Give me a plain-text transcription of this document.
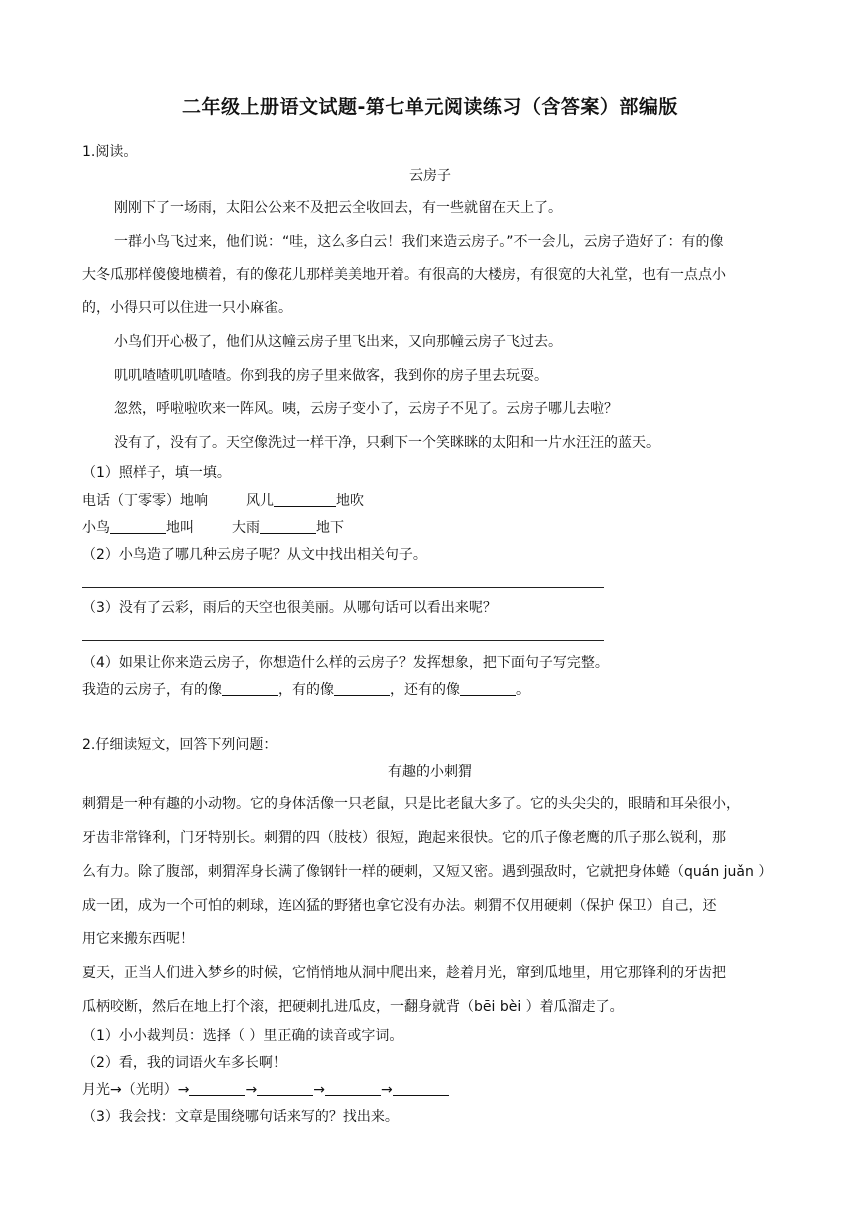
二年级上册语文试题-第七单元阅读练习（含答案）部编版
1.阅读。
云房子
刚刚下了一场雨，太阳公公来不及把云全收回去，有一些就留在天上了。
一群小鸟飞过来，他们说：“哇，这么多白云！我们来造云房子。”不一会儿，云房子造好了：有的像
大冬瓜那样傻傻地横着，有的像花儿那样美美地开着。有很高的大楼房，有很宽的大礼堂，也有一点点小
的，小得只可以住进一只小麻雀。
小鸟们开心极了，他们从这幢云房子里飞出来，又向那幢云房子飞过去。
叽叽喳喳叽叽喳喳。你到我的房子里来做客，我到你的房子里去玩耍。
忽然，呼啦啦吹来一阵风。咦，云房子变小了，云房子不见了。云房子哪儿去啦？
没有了，没有了。天空像洗过一样干净，只剩下一个笑眯眯的太阳和一片水汪汪的蓝天。
（1）照样子，填一填。
电话（丁零零）地响	风儿	地吹
小鸟	地叫	大雨	地下
（2）小鸟造了哪几种云房子呢？从文中找出相关句子。
（3）没有了云彩，雨后的天空也很美丽。从哪句话可以看出来呢？
（4）如果让你来造云房子，你想造什么样的云房子？发挥想象，把下面句子写完整。
我造的云房子，有的像	，有的像	，还有的像	。
2.仔细读短文，回答下列问题：
有趣的小刺猬
刺猬是一种有趣的小动物。它的身体活像一只老鼠，只是比老鼠大多了。它的头尖尖的，眼睛和耳朵很小，
牙齿非常锋利，门牙特别长。刺猬的四（肢枝）很短，跑起来很快。它的爪子像老鹰的爪子那么锐利，那
么有力。除了腹部，刺猬浑身长满了像钢针一样的硬刺，又短又密。遇到强敌时，它就把身体蜷（quán juǎn ）
成一团，成为一个可怕的刺球，连凶猛的野猪也拿它没有办法。刺猬不仅用硬刺（保护 保卫）自己，还
用它来搬东西呢！
夏天，正当人们进入梦乡的时候，它悄悄地从洞中爬出来，趁着月光，窜到瓜地里，用它那锋利的牙齿把
瓜柄咬断，然后在地上打个滚，把硬刺扎进瓜皮，一翻身就背（bēi bèi ）着瓜溜走了。
（1）小小裁判员：选择（ ）里正确的读音或字词。
（2）看，我的词语火车多长啊！
月光→（光明）→	→	→	→
（3）我会找：文章是围绕哪句话来写的？找出来。
